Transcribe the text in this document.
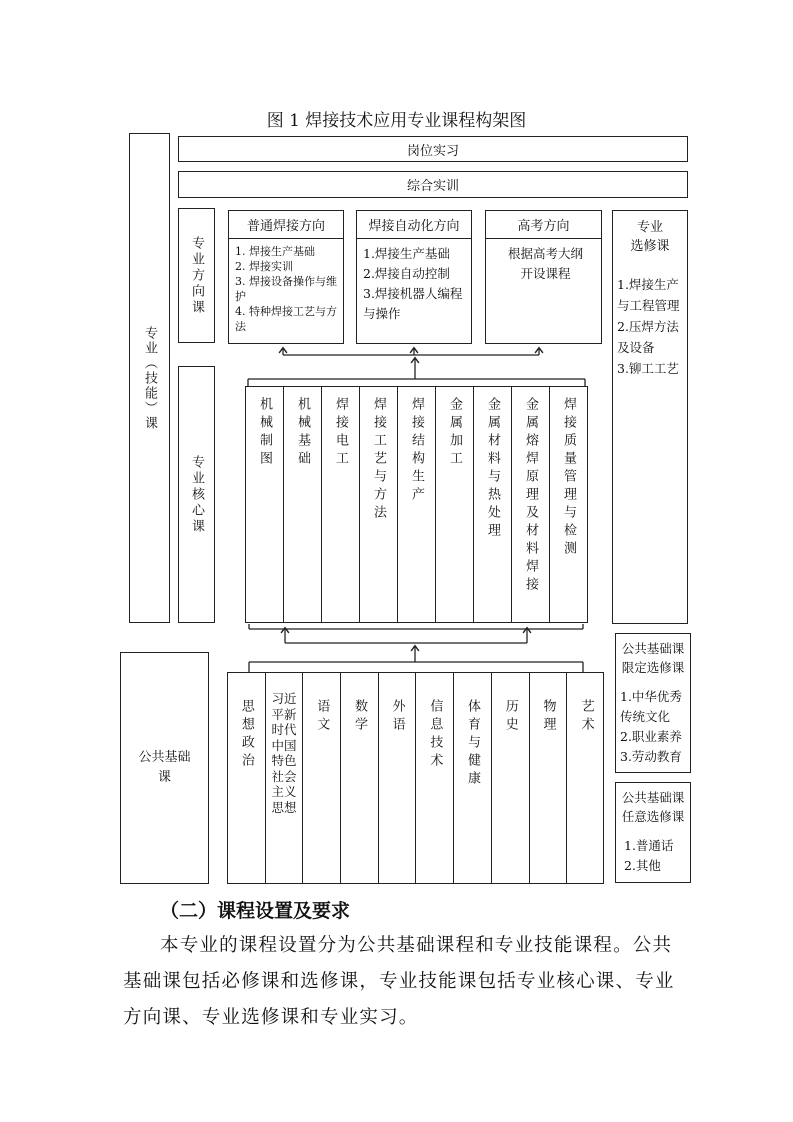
图 1 焊接技术应用专业课程构架图
专业（技能）课
岗位实习
综合实训
专业方向课
普通焊接方向
1. 焊接生产基础
2. 焊接实训
3. 焊接设备操作与维护
4. 特种焊接工艺与方法
焊接自动化方向
1.焊接生产基础
2.焊接自动控制
3.焊接机器人编程与操作
高考方向
根据高考大纲开设课程
专业
选修课
1.焊接生产与工程管理
2.压焊方法及设备
3.铆工工艺
专业核心课
机械制图 机械基础 焊接电工 焊接工艺与方法 焊接结构生产 金属加工 金属材料与热处理 金属熔焊原理及材料焊接 焊接质量管理与检测
公共基础课
思想政治
习近平新时代中国特色社会主义思想
语文 数学 外语 信息技术 体育与健康 历史 物理 艺术
公共基础课
限定选修课
1.中华优秀传统文化
2.职业素养
3.劳动教育
公共基础课
任意选修课
1.普通话
2.其他
（二）课程设置及要求
本专业的课程设置分为公共基础课程和专业技能课程。公共基础课包括必修课和选修课，专业技能课包括专业核心课、专业方向课、专业选修课和专业实习。
